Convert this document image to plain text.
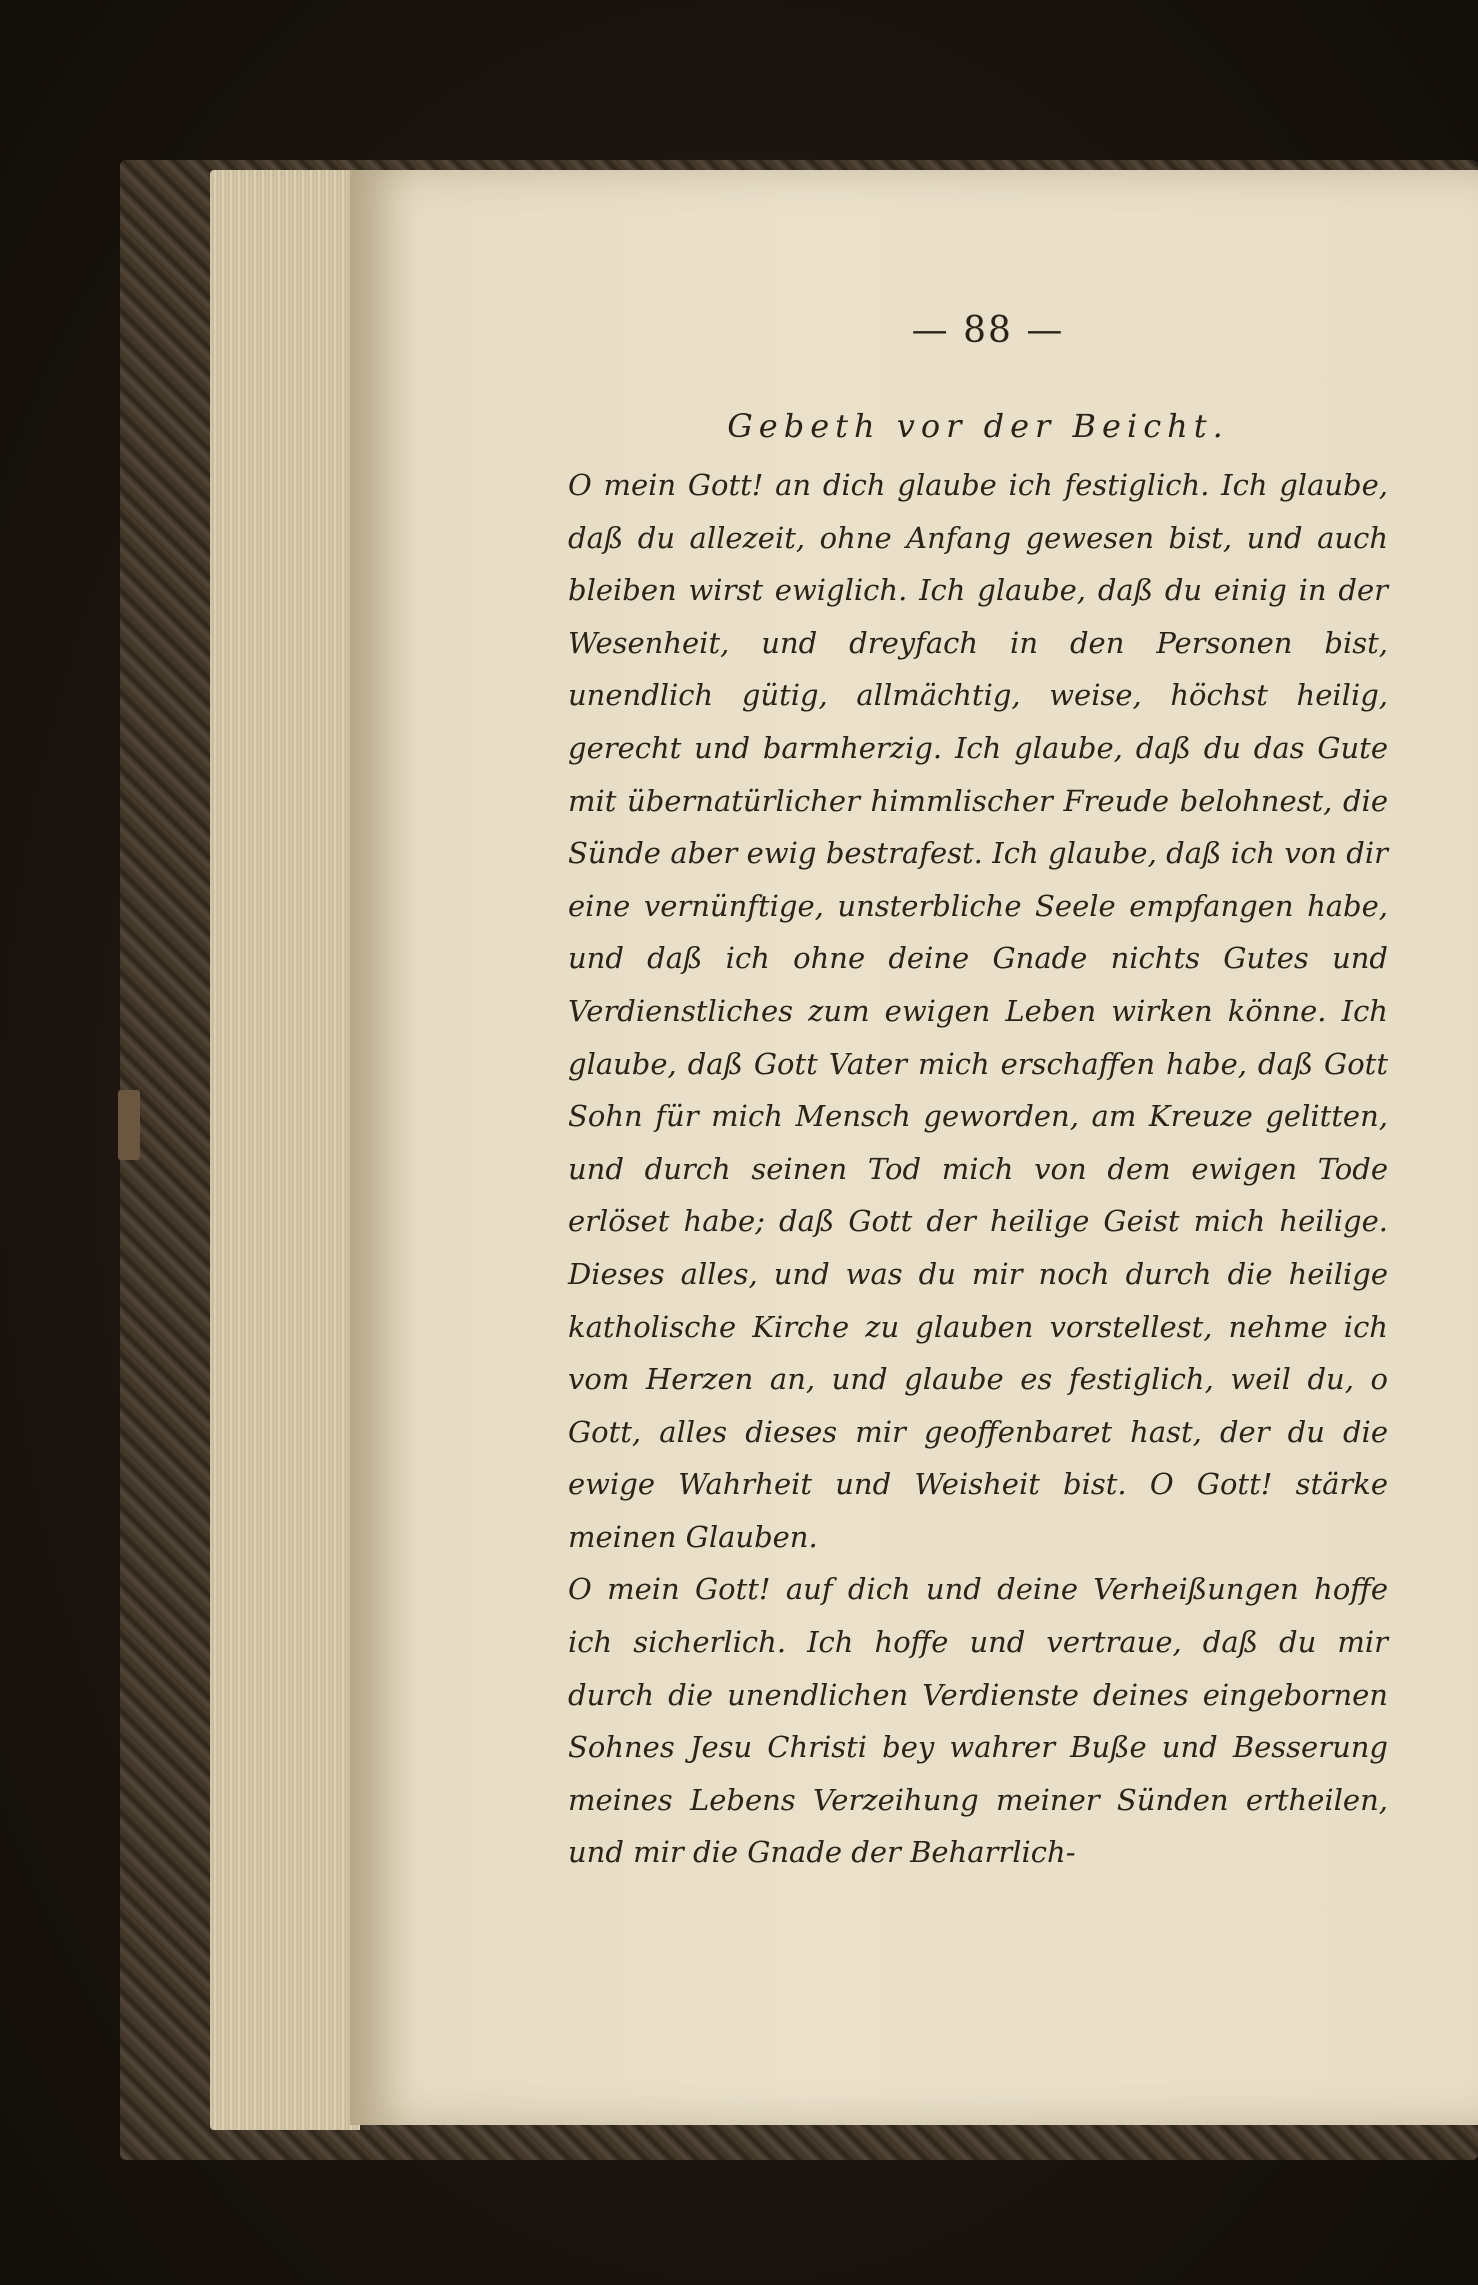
— 88 —
Gebeth vor der Beicht.

O mein Gott! an dich glaube ich festiglich. Ich glaube, daß du allezeit, ohne Anfang gewesen bist, und auch bleiben wirst ewiglich. Ich glaube, daß du einig in der Wesenheit, und dreyfach in den Personen bist, unendlich gütig, allmächtig, weise, höchst heilig, gerecht und barmherzig. Ich glaube, daß du das Gute mit übernatürlicher himmlischer Freude belohnest, die Sünde aber ewig bestrafest. Ich glaube, daß ich von dir eine vernünftige, unsterbliche Seele empfangen habe, und daß ich ohne deine Gnade nichts Gutes und Verdienstliches zum ewigen Leben wirken könne. Ich glaube, daß Gott Vater mich erschaffen habe, daß Gott Sohn für mich Mensch geworden, am Kreuze gelitten, und durch seinen Tod mich von dem ewigen Tode erlöset habe; daß Gott der heilige Geist mich heilige. Dieses alles, und was du mir noch durch die heilige katholische Kirche zu glauben vorstellest, nehme ich vom Herzen an, und glaube es festiglich, weil du, o Gott, alles dieses mir geoffenbaret hast, der du die ewige Wahrheit und Weisheit bist. O Gott! stärke meinen Glauben.

O mein Gott! auf dich und deine Verheißungen hoffe ich sicherlich. Ich hoffe und vertraue, daß du mir durch die unendlichen Verdienste deines eingebornen Sohnes Jesu Christi bey wahrer Buße und Besserung meines Lebens Verzeihung meiner Sünden ertheilen, und mir die Gnade der Beharrlich-
